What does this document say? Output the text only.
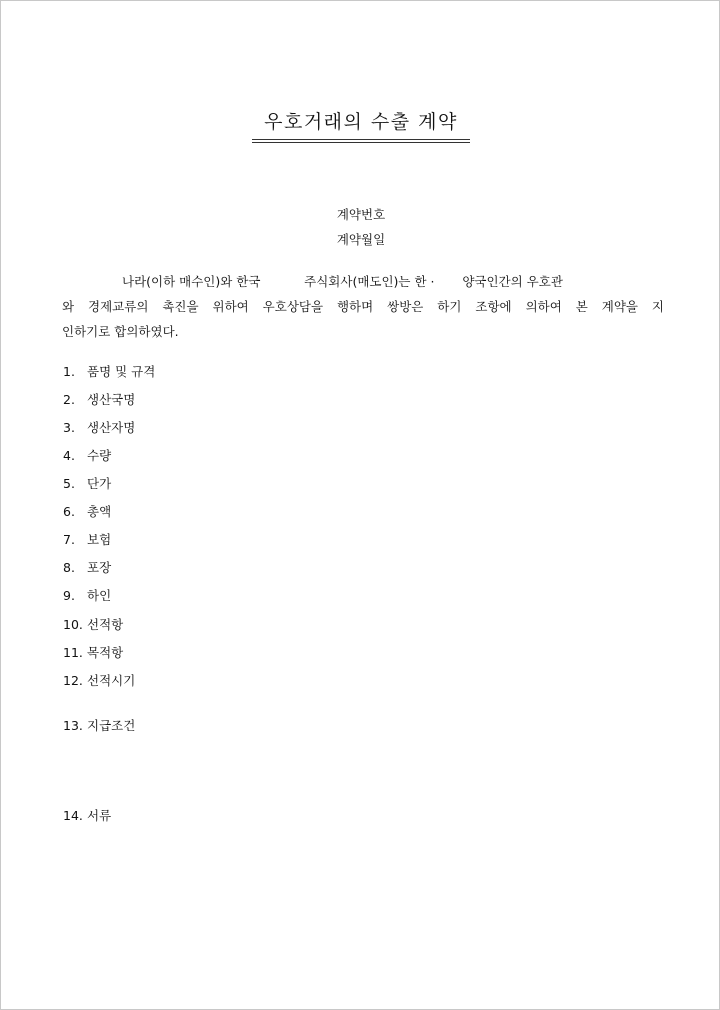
우호거래의 수출 계약
계약번호
계약월일

나라(이하 매수인)와 한국           주식회사(매도인)는 한 ·       양국인간의 우호관
와 경제교류의 촉진을 위하여 우호상담을 행하며 쌍방은 하기 조항에 의하여 본 계약을 지
인하기로 합의하였다.

1. 품명 및 규격
2. 생산국명
3. 생산자명
4. 수량
5. 단가
6. 총액
7. 보험
8. 포장
9. 하인
10. 선적항
11. 목적항
12. 선적시기
13. 지급조건
14. 서류
